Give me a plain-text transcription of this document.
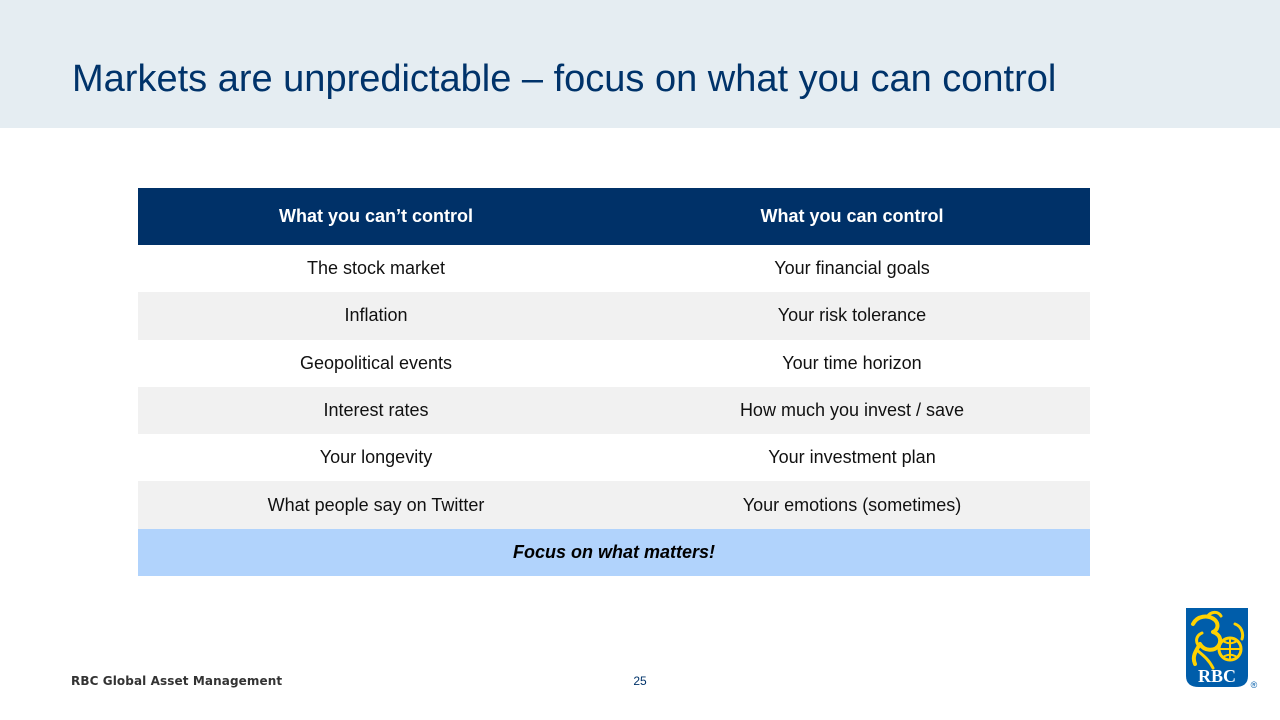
Markets are unpredictable – focus on what you can control
What you can’t control	What you can control
The stock market	Your financial goals
Inflation	Your risk tolerance
Geopolitical events	Your time horizon
Interest rates	How much you invest / save
Your longevity	Your investment plan
What people say on Twitter	Your emotions (sometimes)
Focus on what matters!
RBC Global Asset Management	25	RBC ®
